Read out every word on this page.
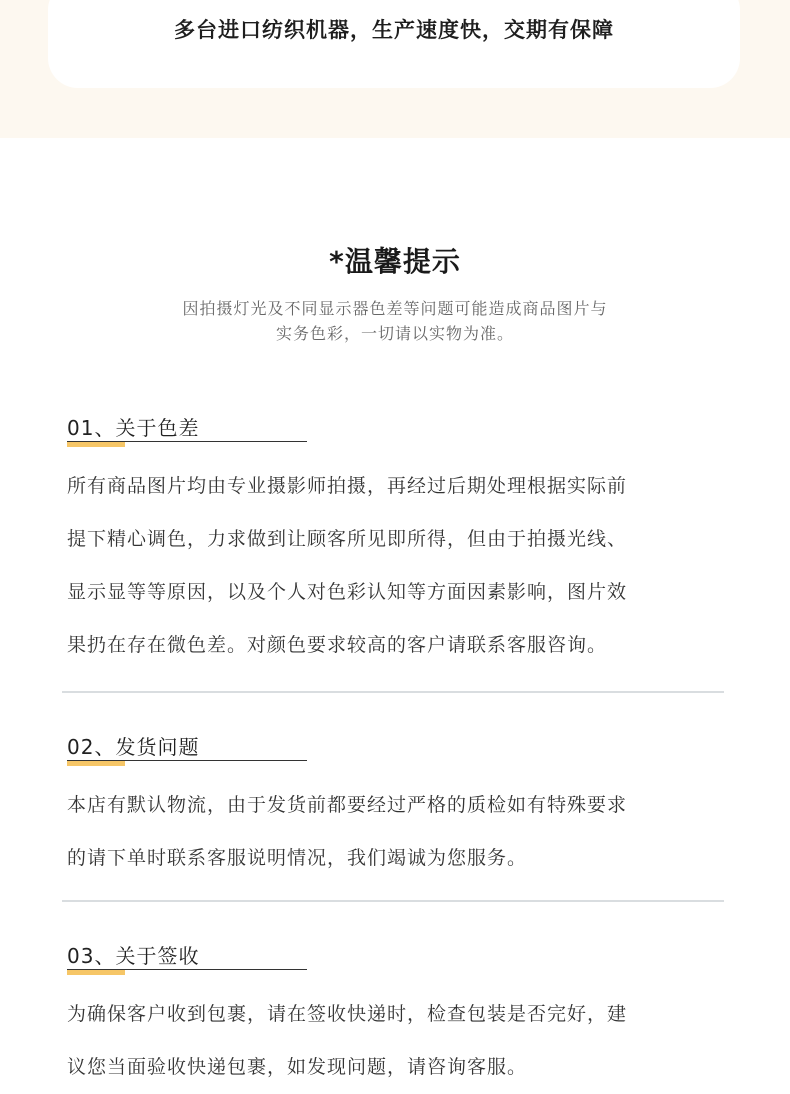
多台进口纺织机器，生产速度快，交期有保障
*温馨提示
因拍摄灯光及不同显示器色差等问题可能造成商品图片与
实务色彩，一切请以实物为准。
01、关于色差
所有商品图片均由专业摄影师拍摄，再经过后期处理根据实际前
提下精心调色，力求做到让顾客所见即所得，但由于拍摄光线、
显示显等等原因，以及个人对色彩认知等方面因素影响，图片效
果扔在存在微色差。对颜色要求较高的客户请联系客服咨询。
02、发货问题
本店有默认物流，由于发货前都要经过严格的质检如有特殊要求
的请下单时联系客服说明情况，我们竭诚为您服务。
03、关于签收
为确保客户收到包裹，请在签收快递时，检查包装是否完好，建
议您当面验收快递包裹，如发现问题，请咨询客服。
